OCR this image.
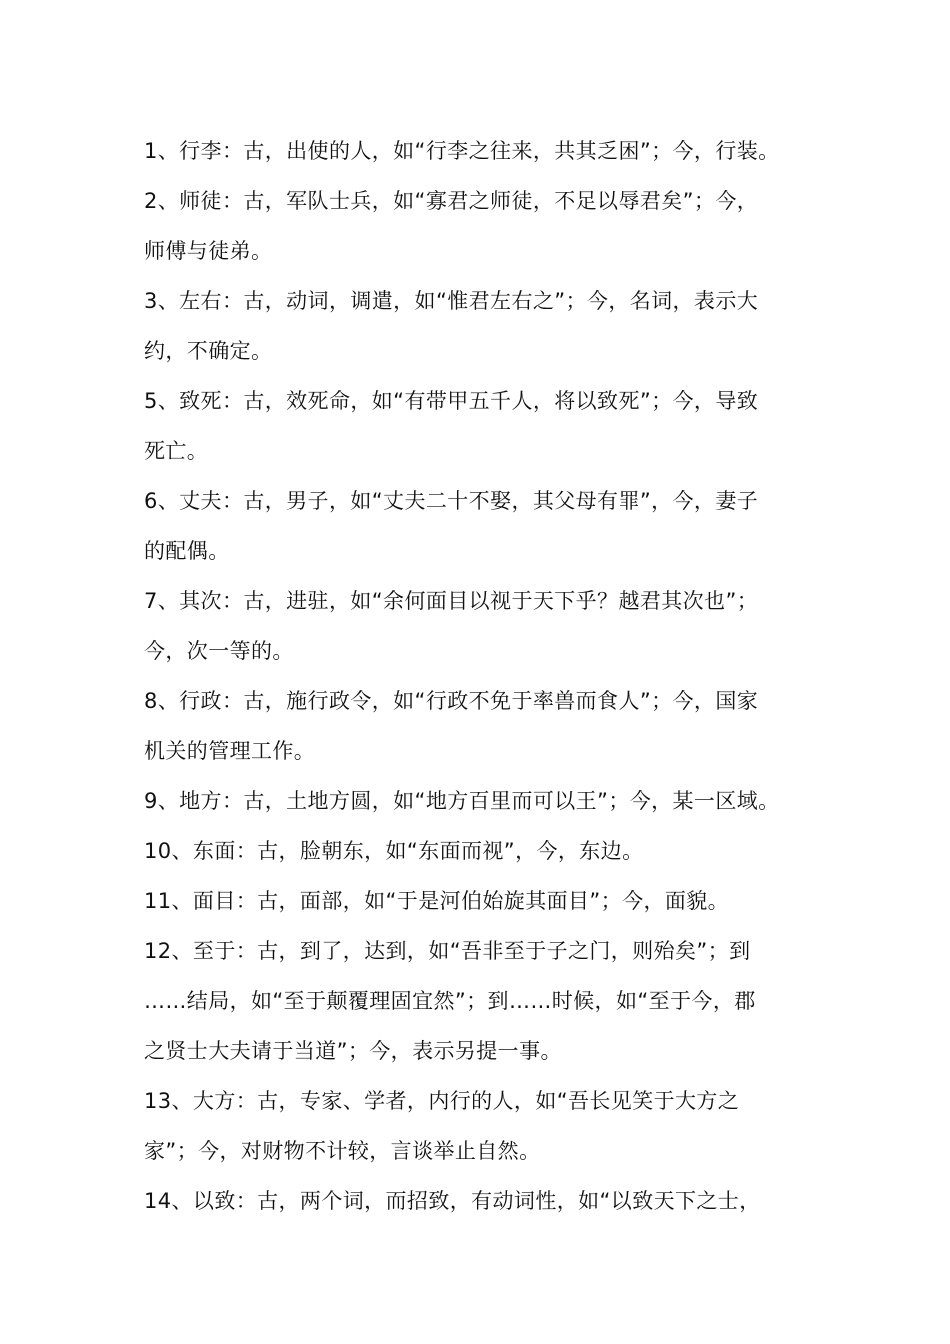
1、行李：古，出使的人，如“行李之往来，共其乏困”；今，行装。
2、师徒：古，军队士兵，如“寡君之师徒，不足以辱君矣”；今，
师傅与徒弟。
3、左右：古，动词，调遣，如“惟君左右之”；今，名词，表示大
约，不确定。
5、致死：古，效死命，如“有带甲五千人，将以致死”；今，导致
死亡。
6、丈夫：古，男子，如“丈夫二十不娶，其父母有罪”，今，妻子
的配偶。
7、其次：古，进驻，如“余何面目以视于天下乎？越君其次也”；
今，次一等的。
8、行政：古，施行政令，如“行政不免于率兽而食人”；今，国家
机关的管理工作。
9、地方：古，土地方圆，如“地方百里而可以王”；今，某一区域。
10、东面：古，脸朝东，如“东面而视”，今，东边。
11、面目：古，面部，如“于是河伯始旋其面目”；今，面貌。
12、至于：古，到了，达到，如“吾非至于子之门，则殆矣”；到
……结局，如“至于颠覆理固宜然”；到……时候，如“至于今，郡
之贤士大夫请于当道”；今，表示另提一事。
13、大方：古，专家、学者，内行的人，如“吾长见笑于大方之
家”；今，对财物不计较，言谈举止自然。
14、以致：古，两个词，而招致，有动词性，如“以致天下之士，
